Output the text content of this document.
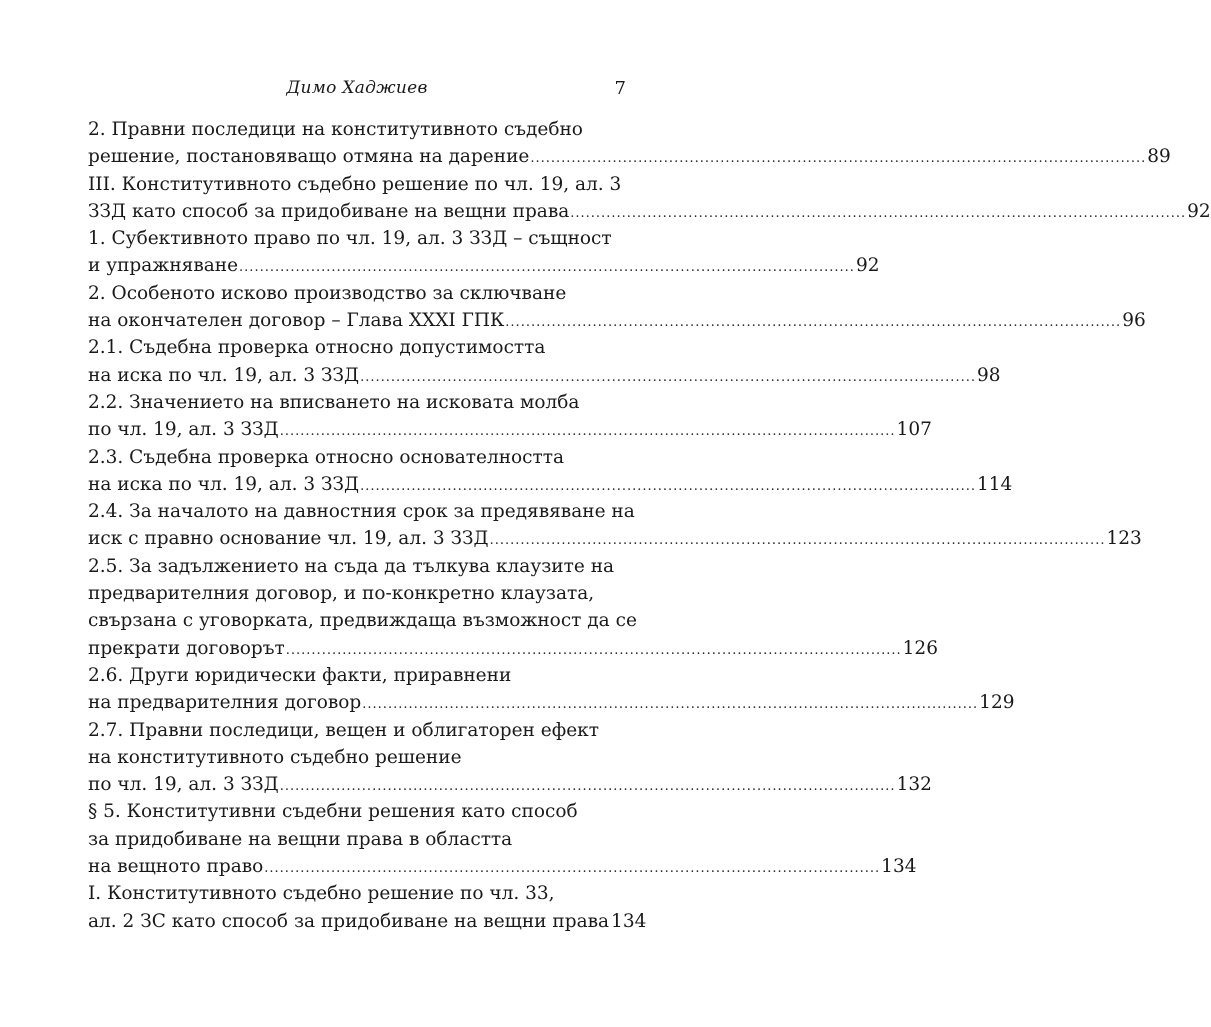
Димо Хаджиев	7
2. Правни последици на конститутивното съдебно
решение, постановяващо отмяна на дарение ........................................................................................................................ 89
III. Конститутивното съдебно решение по чл. 19, ал. 3
ЗЗД като способ за придобиване на вещни права ........................................................................................................................ 92
1. Субективното право по чл. 19, ал. 3 ЗЗД – същност
и упражняване ........................................................................................................................ 92
2. Особеното исково производство за сключване
на окончателен договор – Глава XXXI ГПК ........................................................................................................................ 96
2.1. Съдебна проверка относно допустимостта
на иска по чл. 19, ал. 3 ЗЗД ........................................................................................................................ 98
2.2. Значението на вписването на исковата молба
по чл. 19, ал. 3 ЗЗД ........................................................................................................................ 107
2.3. Съдебна проверка относно основателността
на иска по чл. 19, ал. 3 ЗЗД ........................................................................................................................ 114
2.4. За началото на давностния срок за предявяване на
иск с правно основание чл. 19, ал. 3 ЗЗД ........................................................................................................................ 123
2.5. За задължението на съда да тълкува клаузите на
предварителния договор, и по-конкретно клаузата,
свързана с уговорката, предвиждаща възможност да се
прекрати договорът ........................................................................................................................ 126
2.6. Други юридически факти, приравнени
на предварителния договор ........................................................................................................................ 129
2.7. Правни последици, вещен и облигаторен ефект
на конститутивното съдебно решение
по чл. 19, ал. 3 ЗЗД ........................................................................................................................ 132
§ 5. Конститутивни съдебни решения като способ
за придобиване на вещни права в областта
на вещното право ........................................................................................................................ 134
I. Конститутивното съдебно решение по чл. 33,
ал. 2 ЗС като способ за придобиване на вещни права 134
